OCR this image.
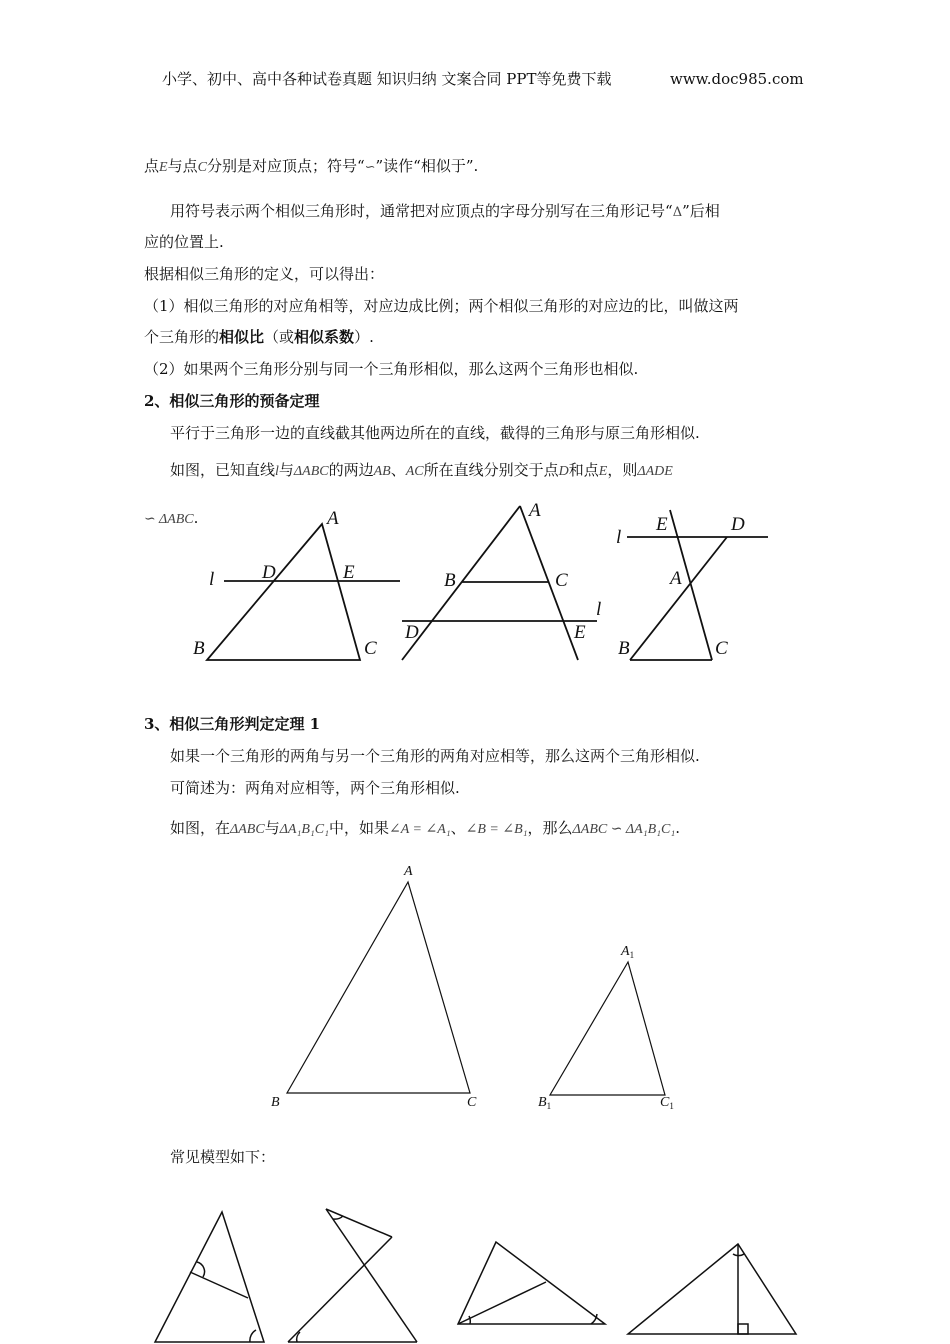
小学、初中、高中各种试卷真题 知识归纳 文案合同 PPT等免费下载	www.doc985.com
点E与点C分别是对应顶点；符号“∽”读作“相似于”.
用符号表示两个相似三角形时，通常把对应顶点的字母分别写在三角形记号“Δ”后相
应的位置上.
根据相似三角形的定义，可以得出：
（1）相似三角形的对应角相等，对应边成比例；两个相似三角形的对应边的比，叫做这两
个三角形的相似比（或相似系数）.
（2）如果两个三角形分别与同一个三角形相似，那么这两个三角形也相似.
2、相似三角形的预备定理
平行于三角形一边的直线截其他两边所在的直线，截得的三角形与原三角形相似.
如图，已知直线l与ΔABC的两边AB、AC所在直线分别交于点D和点E，则ΔADE
∽ ΔABC.
3、相似三角形判定定理 1
如果一个三角形的两角与另一个三角形的两角对应相等，那么这两个三角形相似.
可简述为：两角对应相等，两个三角形相似.
如图，在ΔABC与ΔA₁B₁C₁中，如果∠A = ∠A₁、∠B = ∠B₁，那么ΔABC ∽ ΔA₁B₁C₁.
常见模型如下：
A
D	E
l
B	C
A
B	C
l
D	E
E	D
l
A
B	C
A
B	C
$A_1$
$B_1$	$C_1$
